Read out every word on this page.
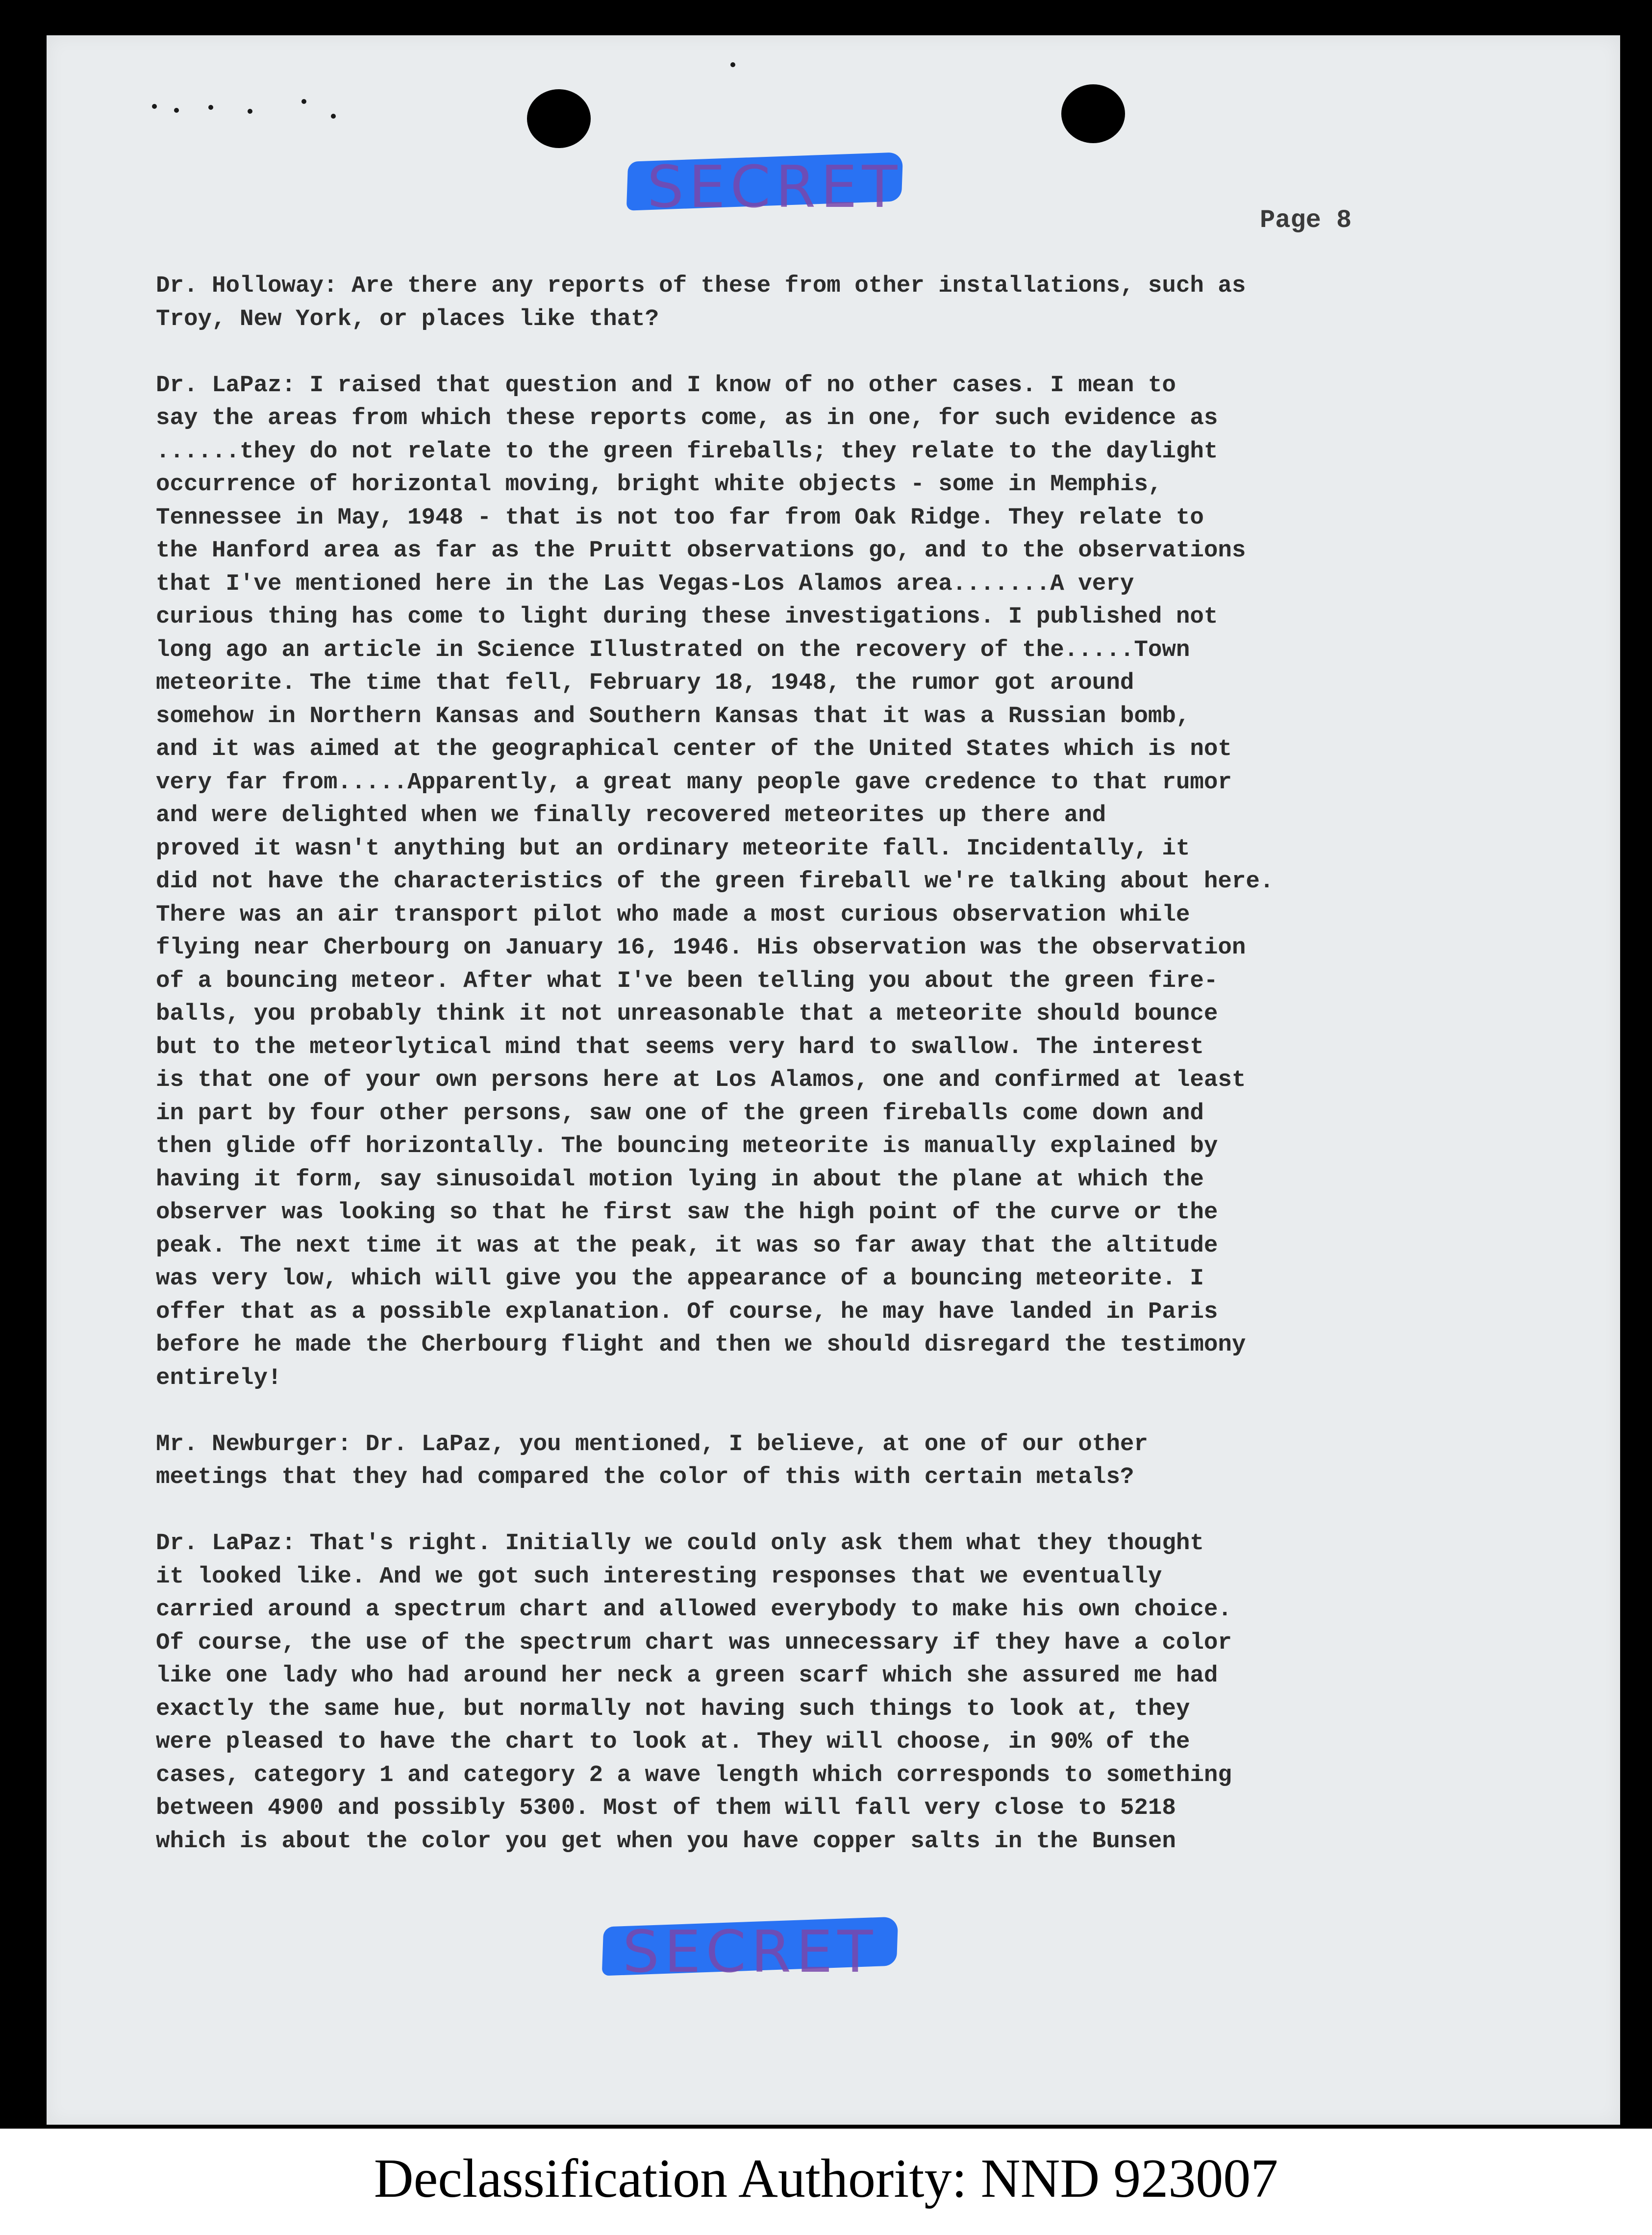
SECRET	Page 8
Dr. Holloway: Are there any reports of these from other installations, such as
Troy, New York, or places like that?
Dr. LaPaz: I raised that question and I know of no other cases. I mean to
say the areas from which these reports come, as in one, for such evidence as
......they do not relate to the green fireballs; they relate to the daylight
occurrence of horizontal moving, bright white objects - some in Memphis,
Tennessee in May, 1948 - that is not too far from Oak Ridge. They relate to
the Hanford area as far as the Pruitt observations go, and to the observations
that I've mentioned here in the Las Vegas-Los Alamos area.......A very
curious thing has come to light during these investigations. I published not
long ago an article in Science Illustrated on the recovery of the.....Town
meteorite. The time that fell, February 18, 1948, the rumor got around
somehow in Northern Kansas and Southern Kansas that it was a Russian bomb,
and it was aimed at the geographical center of the United States which is not
very far from.....Apparently, a great many people gave credence to that rumor
and were delighted when we finally recovered meteorites up there and
proved it wasn't anything but an ordinary meteorite fall. Incidentally, it
did not have the characteristics of the green fireball we're talking about here.
There was an air transport pilot who made a most curious observation while
flying near Cherbourg on January 16, 1946. His observation was the observation
of a bouncing meteor. After what I've been telling you about the green fire-
balls, you probably think it not unreasonable that a meteorite should bounce
but to the meteorlytical mind that seems very hard to swallow. The interest
is that one of your own persons here at Los Alamos, one and confirmed at least
in part by four other persons, saw one of the green fireballs come down and
then glide off horizontally. The bouncing meteorite is manually explained by
having it form, say sinusoidal motion lying in about the plane at which the
observer was looking so that he first saw the high point of the curve or the
peak. The next time it was at the peak, it was so far away that the altitude
was very low, which will give you the appearance of a bouncing meteorite. I
offer that as a possible explanation. Of course, he may have landed in Paris
before he made the Cherbourg flight and then we should disregard the testimony
entirely!
Mr. Newburger: Dr. LaPaz, you mentioned, I believe, at one of our other
meetings that they had compared the color of this with certain metals?
Dr. LaPaz: That's right. Initially we could only ask them what they thought
it looked like. And we got such interesting responses that we eventually
carried around a spectrum chart and allowed everybody to make his own choice.
Of course, the use of the spectrum chart was unnecessary if they have a color
like one lady who had around her neck a green scarf which she assured me had
exactly the same hue, but normally not having such things to look at, they
were pleased to have the chart to look at. They will choose, in 90% of the
cases, category 1 and category 2 a wave length which corresponds to something
between 4900 and possibly 5300. Most of them will fall very close to 5218
which is about the color you get when you have copper salts in the Bunsen
SECRET
Declassification Authority: NND 923007
